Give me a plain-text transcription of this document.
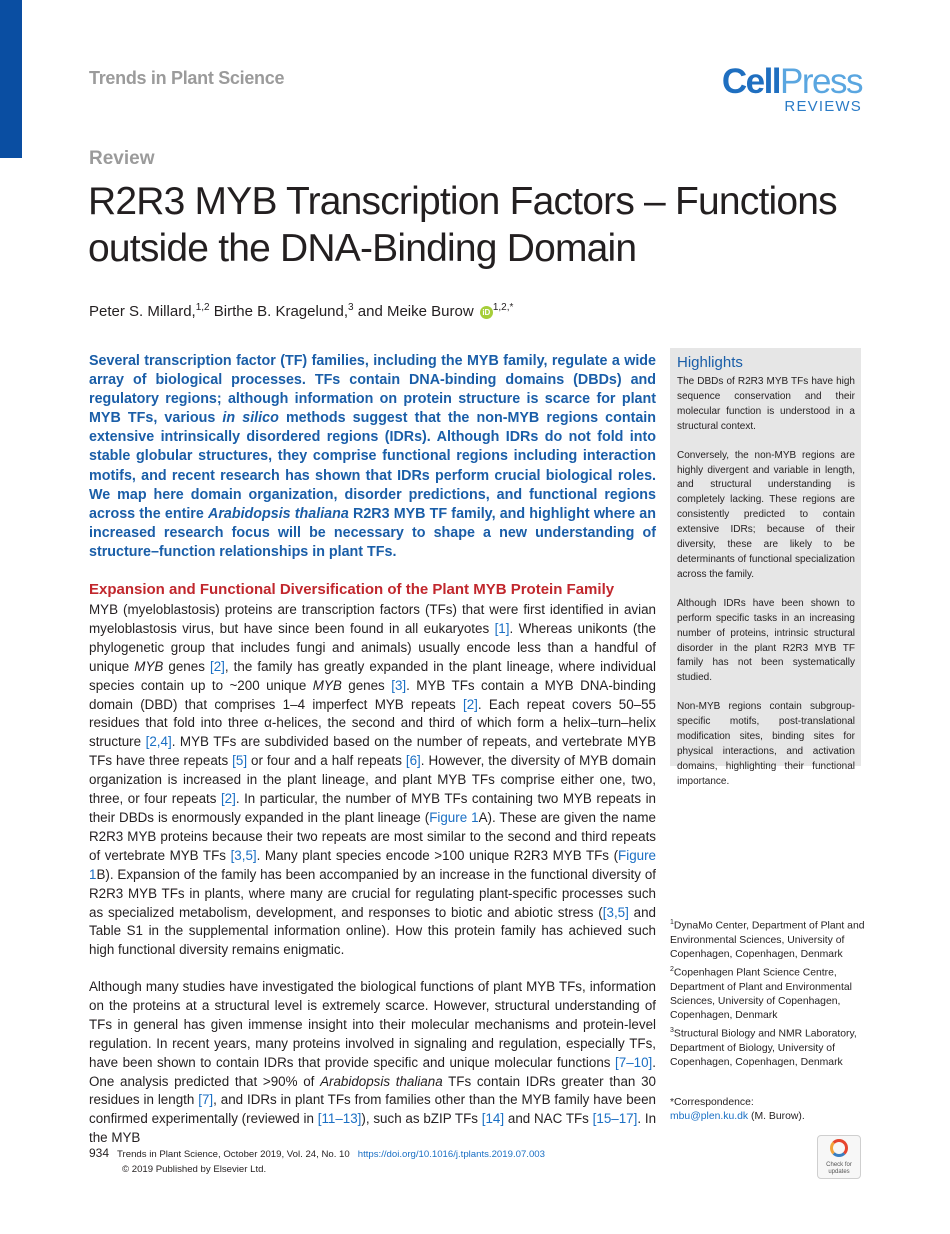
Trends in Plant Science	CellPress
REVIEWS
Review
R2R3 MYB Transcription Factors – Functions outside the DNA-Binding Domain
Peter S. Millard,$^{1,2}$ Birthe B. Kragelund,$^3$ and Meike Burow iD $^{1,2,*}$

Several transcription factor (TF) families, including the MYB family, regulate a wide array of biological processes. TFs contain DNA-binding domains (DBDs) and regulatory regions; although information on protein structure is scarce for plant MYB TFs, various in silico methods suggest that the non-MYB regions contain extensive intrinsically disordered regions (IDRs). Although IDRs do not fold into stable globular structures, they comprise functional regions including interaction motifs, and recent research has shown that IDRs perform crucial biological roles. We map here domain organization, disorder predictions, and functional regions across the entire Arabidopsis thaliana R2R3 MYB TF family, and highlight where an increased research focus will be necessary to shape a new understanding of structure–function relationships in plant TFs.

Expansion and Functional Diversification of the Plant MYB Protein Family

MYB (myeloblastosis) proteins are transcription factors (TFs) that were first identified in avian myeloblastosis virus, but have since been found in all eukaryotes [1]. Whereas unikonts (the phylogenetic group that includes fungi and animals) usually encode less than a handful of unique MYB genes [2], the family has greatly expanded in the plant lineage, where individual species contain up to ~200 unique MYB genes [3]. MYB TFs contain a MYB DNA-binding domain (DBD) that comprises 1–4 imperfect MYB repeats [2]. Each repeat covers 50–55 residues that fold into three α-helices, the second and third of which form a helix–turn–helix structure [2,4]. MYB TFs are subdivided based on the number of repeats, and vertebrate MYB TFs have three repeats [5] or four and a half repeats [6]. However, the diversity of MYB domain organization is increased in the plant lineage, and plant MYB TFs comprise either one, two, three, or four repeats [2]. In particular, the number of MYB TFs containing two MYB repeats in their DBDs is enormously expanded in the plant lineage (Figure 1A). These are given the name R2R3 MYB proteins because their two repeats are most similar to the second and third repeats of vertebrate MYB TFs [3,5]. Many plant species encode >100 unique R2R3 MYB TFs (Figure 1B). Expansion of the family has been accompanied by an increase in the functional diversity of R2R3 MYB TFs in plants, where many are crucial for regulating plant-specific processes such as specialized metabolism, development, and responses to biotic and abiotic stress ([3,5] and Table S1 in the supplemental information online). How this protein family has achieved such high functional diversity remains enigmatic.

Although many studies have investigated the biological functions of plant MYB TFs, information on the proteins at a structural level is extremely scarce. However, structural understanding of TFs in general has given immense insight into their molecular mechanisms and protein-level regulation. In recent years, many proteins involved in signaling and regulation, especially TFs, have been shown to contain IDRs that provide specific and unique molecular functions [7–10]. One analysis predicted that >90% of Arabidopsis thaliana TFs contain IDRs greater than 30 residues in length [7], and IDRs in plant TFs from families other than the MYB family have been confirmed experimentally (reviewed in [11–13]), such as bZIP TFs [14] and NAC TFs [15–17]. In the MYB

Highlights

The DBDs of R2R3 MYB TFs have high sequence conservation and their molecular function is understood in a structural context.

Conversely, the non-MYB regions are highly divergent and variable in length, and structural understanding is completely lacking. These regions are consistently predicted to contain extensive IDRs; because of their diversity, these are likely to be determinants of functional specialization across the family.

Although IDRs have been shown to perform specific tasks in an increasing number of proteins, intrinsic structural disorder in the plant R2R3 MYB TF family has not been systematically studied.

Non-MYB regions contain subgroup-specific motifs, post-translational modification sites, binding sites for physical interactions, and activation domains, highlighting their functional importance.

$^1$DynaMo Center, Department of Plant and Environmental Sciences, University of Copenhagen, Copenhagen, Denmark
$^2$Copenhagen Plant Science Centre, Department of Plant and Environmental Sciences, University of Copenhagen, Copenhagen, Denmark
$^3$Structural Biology and NMR Laboratory, Department of Biology, University of Copenhagen, Copenhagen, Denmark
*Correspondence:
mbu@plen.ku.dk (M. Burow).
934 Trends in Plant Science, October 2019, Vol. 24, No. 10 https://doi.org/10.1016/j.tplants.2019.07.003
© 2019 Published by Elsevier Ltd.	Check for
updates
